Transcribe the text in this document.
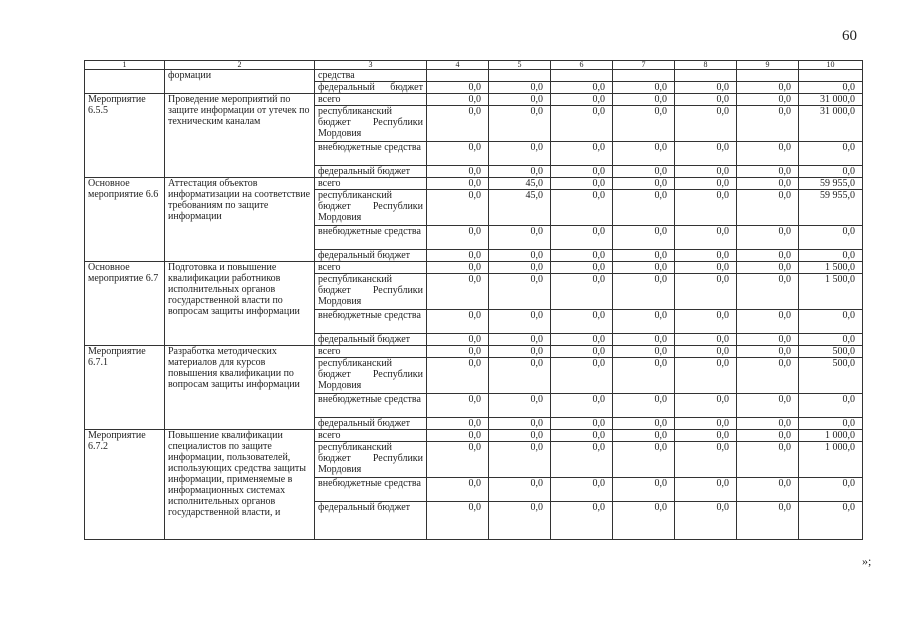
60
1	2	3	4	5	6	7	8	9	10
	формации	средства							
		федеральный бюджет	0,0	0,0	0,0	0,0	0,0	0,0	0,0
Мероприятие 6.5.5	Проведение мероприятий по защите информации от утечек по техническим каналам	всего	0,0	0,0	0,0	0,0	0,0	0,0	31 000,0
		республиканский бюджет Республики Мордовия	0,0	0,0	0,0	0,0	0,0	0,0	31 000,0
		внебюджетные средства	0,0	0,0	0,0	0,0	0,0	0,0	0,0
		федеральный бюджет	0,0	0,0	0,0	0,0	0,0	0,0	0,0
Основное мероприятие 6.6	Аттестация объектов информатизации на соответствие требованиям по защите информации	всего	0,0	45,0	0,0	0,0	0,0	0,0	59 955,0
		республиканский бюджет Республики Мордовия	0,0	45,0	0,0	0,0	0,0	0,0	59 955,0
		внебюджетные средства	0,0	0,0	0,0	0,0	0,0	0,0	0,0
		федеральный бюджет	0,0	0,0	0,0	0,0	0,0	0,0	0,0
Основное мероприятие 6.7	Подготовка и повышение квалификации работников исполнительных органов государственной власти по вопросам защиты информации	всего	0,0	0,0	0,0	0,0	0,0	0,0	1 500,0
		республиканский бюджет Республики Мордовия	0,0	0,0	0,0	0,0	0,0	0,0	1 500,0
		внебюджетные средства	0,0	0,0	0,0	0,0	0,0	0,0	0,0
		федеральный бюджет	0,0	0,0	0,0	0,0	0,0	0,0	0,0
Мероприятие 6.7.1	Разработка методических материалов для курсов повышения квалификации по вопросам защиты информации	всего	0,0	0,0	0,0	0,0	0,0	0,0	500,0
		республиканский бюджет Республики Мордовия	0,0	0,0	0,0	0,0	0,0	0,0	500,0
		внебюджетные средства	0,0	0,0	0,0	0,0	0,0	0,0	0,0
		федеральный бюджет	0,0	0,0	0,0	0,0	0,0	0,0	0,0
Мероприятие 6.7.2	Повышение квалификации специалистов по защите информации, пользователей, использующих средства защиты информации, применяемые в информационных системах исполнительных органов государственной власти, и	всего	0,0	0,0	0,0	0,0	0,0	0,0	1 000,0
		республиканский бюджет Республики Мордовия	0,0	0,0	0,0	0,0	0,0	0,0	1 000,0
		внебюджетные средства	0,0	0,0	0,0	0,0	0,0	0,0	0,0
		федеральный бюджет	0,0	0,0	0,0	0,0	0,0	0,0	0,0
»;
